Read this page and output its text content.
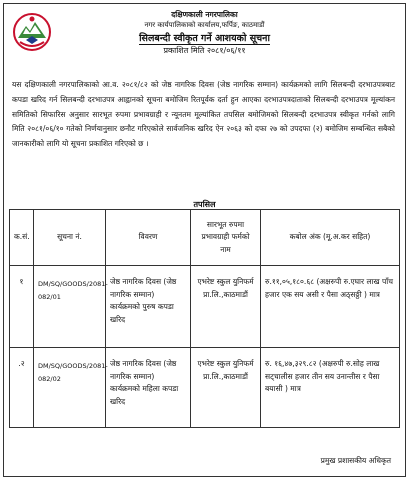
दक्षिणकाली नगरपालिका
नगर कार्यपालिकाको कार्यालय,फर्पिङ, काठमाडौं
सिलबन्दी स्वीकृत गर्ने आशयको सूचना
प्रकाशित मिति २०८१/०६/११

यस दक्षिणकाली नगरपालिकाको आ.व. २०८१/८२ को जेष्ठ नागरिक दिवस (जेष्ठ नागरिक सम्मान) कार्यक्रमको लागि सिलबन्दी दरभाउपत्रबाट कपडा खरिद गर्न सिलबन्दी दरभाउपत्र आह्वानको सूचना बमोजिम रितपूर्वक दर्ता हुन आएका दरभाउपत्रदाताको सिलबन्दी दरभाउपत्र मूल्यांकन समितिको सिफारिस अनुसार सारभूत रुपमा प्रभावग्राही र न्यूनतम मूल्यांकित तपसिल बमोजिमको सिलबन्दी दरभाउपत्र स्वीकृत गर्नको लागि मिति २०८१/०६/१० गतेको निर्णयानुसार छनौट गरिएकोले सार्वजनिक खरिद ऐन २०६३ को दफा २७ को उपदफा (२) बमोजिम सम्बन्धित सबैको जानकारीको लागि यो सूचना प्रकाशित गरिएको छ ।

तपसिल
क.सं.	सूचना नं.	विवरण	सारभूत रुपमा प्रभावग्राही फर्मको नाम	कबोल अंक (मू.अ.कर सहित)
१	DM/SQ/GOODS/2081-082/01	जेष्ठ नागरिक दिवस (जेष्ठ नागरिक सम्मान) कार्यक्रमको पुरुष कपडा खरिद	एभरेष्ट स्कुल युनिफर्म प्रा.लि.,काठमाडौं	रु.११,०५,१८०.६८ (अक्षरुपी रु.एघार लाख पाँच हजार एक सय असी र पैसा अठ्सठ्ठी ) मात्र
.२	DM/SQ/GOODS/2081-082/02	जेष्ठ नागरिक दिवस (जेष्ठ नागरिक सम्मान) कार्यक्रमको महिला कपडा खरिद	एभरेष्ट स्कुल युनिफर्म प्रा.लि.,काठमाडौं	रु. १६,४७,३२९.८२ (अक्षरुपी रु.सोह लाख सट्चालीस हजार तीन सय उनान्तीस र पैसा बयासी ) मात्र
प्रमुख प्रशासकीय अधिकृत
